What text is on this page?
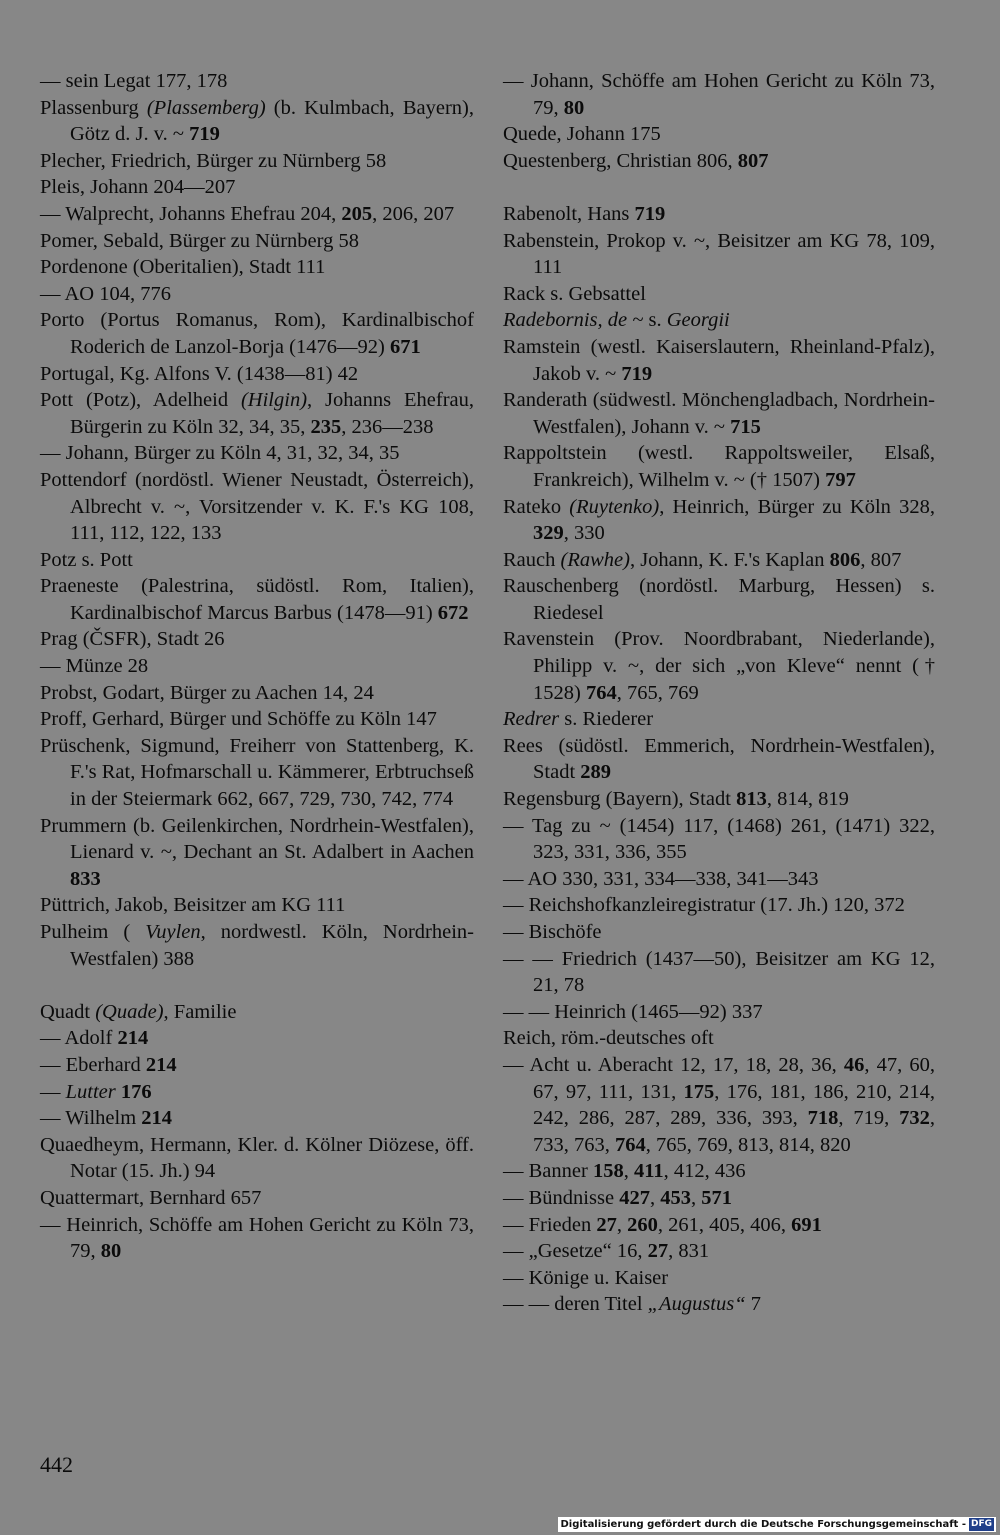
— sein Legat 177, 178
Plassenburg (Plassemberg) (b. Kulmbach, Bayern), Götz d. J. v. ~ 719
Plecher, Friedrich, Bürger zu Nürnberg 58
Pleis, Johann 204—207
— Walprecht, Johanns Ehefrau 204, 205, 206, 207
Pomer, Sebald, Bürger zu Nürnberg 58
Pordenone (Oberitalien), Stadt 111
— AO 104, 776
Porto (Portus Romanus, Rom), Kardinalbischof Roderich de Lanzol-Borja (1476—92) 671
Portugal, Kg. Alfons V. (1438—81) 42
Pott (Potz), Adelheid (Hilgin), Johanns Ehefrau, Bürgerin zu Köln 32, 34, 35, 235, 236—238
— Johann, Bürger zu Köln 4, 31, 32, 34, 35
Pottendorf (nordöstl. Wiener Neustadt, Österreich), Albrecht v. ~, Vorsitzender v. K. F.'s KG 108, 111, 112, 122, 133
Potz s. Pott
Praeneste (Palestrina, südöstl. Rom, Italien), Kardinalbischof Marcus Barbus (1478—91) 672
Prag (ČSFR), Stadt 26
— Münze 28
Probst, Godart, Bürger zu Aachen 14, 24
Proff, Gerhard, Bürger und Schöffe zu Köln 147
Prüschenk, Sigmund, Freiherr von Stattenberg, K. F.'s Rat, Hofmarschall u. Kämmerer, Erbtruchseß in der Steiermark 662, 667, 729, 730, 742, 774
Prummern (b. Geilenkirchen, Nordrhein-Westfalen), Lienard v. ~, Dechant an St. Adalbert in Aachen 833
Püttrich, Jakob, Beisitzer am KG 111
Pulheim ( Vuylen, nordwestl. Köln, Nordrhein-Westfalen) 388
Quadt (Quade), Familie
— Adolf 214
— Eberhard 214
— Lutter 176
— Wilhelm 214
Quaedheym, Hermann, Kler. d. Kölner Diözese, öff. Notar (15. Jh.) 94
Quattermart, Bernhard 657
— Heinrich, Schöffe am Hohen Gericht zu Köln 73, 79, 80
— Johann, Schöffe am Hohen Gericht zu Köln 73, 79, 80
Quede, Johann 175
Questenberg, Christian 806, 807
Rabenolt, Hans 719
Rabenstein, Prokop v. ~, Beisitzer am KG 78, 109, 111
Rack s. Gebsattel
Radebornis, de ~ s. Georgii
Ramstein (westl. Kaiserslautern, Rheinland-Pfalz), Jakob v. ~ 719
Randerath (südwestl. Mönchengladbach, Nordrhein-Westfalen), Johann v. ~ 715
Rappoltstein (westl. Rappoltsweiler, Elsaß, Frankreich), Wilhelm v. ~ († 1507) 797
Rateko (Ruytenko), Heinrich, Bürger zu Köln 328, 329, 330
Rauch (Rawhe), Johann, K. F.'s Kaplan 806, 807
Rauschenberg (nordöstl. Marburg, Hessen) s. Riedesel
Ravenstein (Prov. Noordbrabant, Niederlande), Philipp v. ~, der sich „von Kleve“ nennt († 1528) 764, 765, 769
Redrer s. Riederer
Rees (südöstl. Emmerich, Nordrhein-Westfalen), Stadt 289
Regensburg (Bayern), Stadt 813, 814, 819
— Tag zu ~ (1454) 117, (1468) 261, (1471) 322, 323, 331, 336, 355
— AO 330, 331, 334—338, 341—343
— Reichshofkanzleiregistratur (17. Jh.) 120, 372
— Bischöfe
— — Friedrich (1437—50), Beisitzer am KG 12, 21, 78
— — Heinrich (1465—92) 337
Reich, röm.-deutsches oft
— Acht u. Aberacht 12, 17, 18, 28, 36, 46, 47, 60, 67, 97, 111, 131, 175, 176, 181, 186, 210, 214, 242, 286, 287, 289, 336, 393, 718, 719, 732, 733, 763, 764, 765, 769, 813, 814, 820
— Banner 158, 411, 412, 436
— Bündnisse 427, 453, 571
— Frieden 27, 260, 261, 405, 406, 691
— „Gesetze“ 16, 27, 831
— Könige u. Kaiser
— — deren Titel „Augustus“ 7
442
Digitalisierung gefördert durch die Deutsche Forschungsgemeinschaft - DFG
